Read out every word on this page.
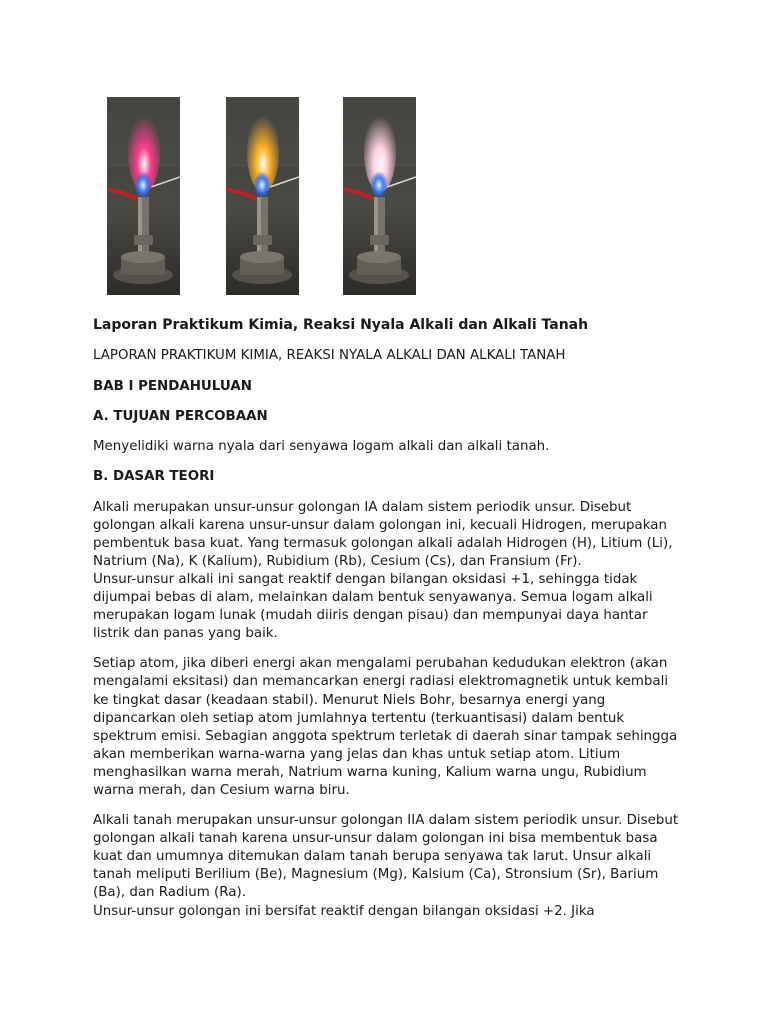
Laporan Praktikum Kimia, Reaksi Nyala Alkali dan Alkali Tanah

LAPORAN PRAKTIKUM KIMIA, REAKSI NYALA ALKALI DAN ALKALI TANAH

BAB I PENDAHULUAN

A. TUJUAN PERCOBAAN

Menyelidiki warna nyala dari senyawa logam alkali dan alkali tanah.

B. DASAR TEORI

Alkali merupakan unsur-unsur golongan IA dalam sistem periodik unsur. Disebut golongan alkali karena unsur-unsur dalam golongan ini, kecuali Hidrogen, merupakan pembentuk basa kuat. Yang termasuk golongan alkali adalah Hidrogen (H), Litium (Li), Natrium (Na), K (Kalium), Rubidium (Rb), Cesium (Cs), dan Fransium (Fr).

Unsur-unsur alkali ini sangat reaktif dengan bilangan oksidasi +1, sehingga tidak dijumpai bebas di alam, melainkan dalam bentuk senyawanya. Semua logam alkali merupakan logam lunak (mudah diiris dengan pisau) dan mempunyai daya hantar listrik dan panas yang baik.

Setiap atom, jika diberi energi akan mengalami perubahan kedudukan elektron (akan mengalami eksitasi) dan memancarkan energi radiasi elektromagnetik untuk kembali ke tingkat dasar (keadaan stabil). Menurut Niels Bohr, besarnya energi yang dipancarkan oleh setiap atom jumlahnya tertentu (terkuantisasi) dalam bentuk spektrum emisi. Sebagian anggota spektrum terletak di daerah sinar tampak sehingga akan memberikan warna-warna yang jelas dan khas untuk setiap atom. Litium menghasilkan warna merah, Natrium warna kuning, Kalium warna ungu, Rubidium warna merah, dan Cesium warna biru.

Alkali tanah merupakan unsur-unsur golongan IIA dalam sistem periodik unsur. Disebut golongan alkali tanah karena unsur-unsur dalam golongan ini bisa membentuk basa kuat dan umumnya ditemukan dalam tanah berupa senyawa tak larut. Unsur alkali tanah meliputi Berilium (Be), Magnesium (Mg), Kalsium (Ca), Stronsium (Sr), Barium (Ba), dan Radium (Ra).

Unsur-unsur golongan ini bersifat reaktif dengan bilangan oksidasi +2. Jika
